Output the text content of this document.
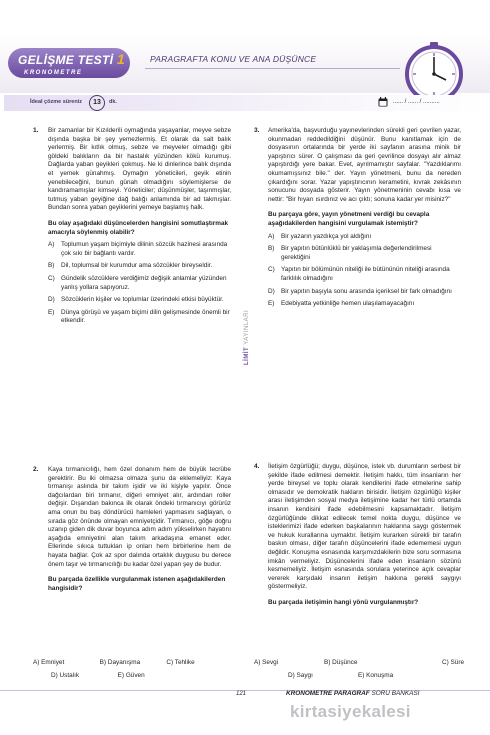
GELİŞME TESTİ 1
KRONOMETRE
PARAGRAFTA KONU VE ANA DÜŞÜNCE
İdeal çözme süreniz	13	dk.	...... / ...... / ..........
1. Bir zamanlar bir Kızılderili oymağında yaşayanlar, meyve sebze dışında başka bir şey yemezlermiş. Et olarak da salt balık yerlermiş. Bir kıtlık olmuş, sebze ve meyveler olmadığı gibi göldeki balıkların da bir hastalık yüzünden kökü kurumuş. Dağlarda yaban geyikleri çokmuş. Ne ki dinlerince balık dışında et yemek günahmış. Oymağın yöneticileri, geyik etinin yenebileceğini, bunun günah olmadığını söylemişlerse de kandıramamışlar kimseyi. Yöneticiler; düşünmüşler, taşınmışlar, tutmuş yaban geyiğine dağ balığı anlamında bir ad takmışlar. Bundan sonra yaban geyiklerini yemeye başlamış halk.

Bu olay aşağıdaki düşüncelerden hangisini somutlaştırmak amacıyla söylenmiş olabilir?

A)	Toplumun yaşam biçimiyle dilinin sözcük hazinesi arasında çok sıkı bir bağlantı vardır.
B)	Dil, toplumsal bir kurumdur ama sözcükler bireyseldir.
C) Gündelik sözcüklere verdiğimiz değişik anlamlar yüzünden yanlış yollara sapıyoruz.
D) Sözcüklerin kişiler ve toplumlar üzerindeki etkisi büyüktür.
E)	Dünya görüşü ve yaşam biçimi dilin gelişmesinde önemli bir etkendir.
2. Kaya tırmanıcılığı, hem özel donanım hem de büyük tecrübe gerektirir. Bu iki olmazsa olmaza şunu da eklemeliyiz: Kaya tırmanışı aslında bir takım işidir ve iki kişiyle yapılır. Önce dağcılardan biri tırmanır, diğeri emniyet alır, ardından roller değişir. Dışarıdan bakınca ilk olarak öndeki tırmanıcıyı görürüz ama onun bu baş döndürücü hamleleri yapmasını sağlayan, o sırada göz önünde olmayan emniyetçidir. Tırmanıcı, göğe doğru uzanıp giden dik duvar boyunca adım adım yükselirken hayatını aşağıda emniyetini alan takım arkadaşına emanet eder. Ellerinde sıkıca tuttukları ip onları hem birbirlerine hem de hayata bağlar. Çok az spor dalında ortaklık duygusu bu derece önem taşır ve tırmanıcılığı bu kadar özel yapan şey de budur.

Bu parçada özellikle vurgulanmak istenen aşağıdakilerden hangisidir?

A) Emniyet	B) Dayanışma	C) Tehlike
D) Ustalık	E) Güven
LİMİT YAYINLARI
3. Amerika'da, başvurduğu yayınevlerinden sürekli geri çevrilen yazar, okunmadan reddedildiğini düşünür. Bunu kanıtlamak için de dosyasının ortalarında bir yerde iki sayfanın arasına minik bir yapıştırıcı sürer. O çalışması da geri çevrilince dosyayı alır almaz yapıştırdığı yere bakar. Evet, ayrılmamıştır sayfalar. "Yazdıklarımı okumamışsınız bile." der. Yayın yönetmeni, bunu da nereden çıkardığını sorar. Yazar yapıştırıcının kerametini, kıvrak zekâsının sonucunu dosyada gösterir. Yayın yönetmeninin cevabı kısa ve nettir: "Bir hıyarı ısırdınız ve acı çıktı; sonuna kadar yer misiniz?"

Bu parçaya göre, yayın yönetmeni verdiği bu cevapla aşağıdakilerden hangisini vurgulamak istemiştir?

A)	Bir yazarın yazdıkça yol aldığını
B)	Bir yapıtın bütünlüklü bir yaklaşımla değerlendirilmesi gerektiğini
C) Yapıtın bir bölümünün niteliği ile bütününün niteliği arasında farklılık olmadığını
D) Bir yapıtın başıyla sonu arasında içeriksel bir fark olmadığını
E)	Edebiyatta yetkinliğe hemen ulaşılamayacağını
4. İletişim özgürlüğü; duygu, düşünce, istek vb. durumların serbest bir şekilde ifade edilmesi demektir. İletişim hakkı, tüm insanların her yerde bireysel ve toplu olarak kendilerini ifade etmelerine sahip olmasıdır ve demokratik hakların birisidir. İletişim özgürlüğü kişiler arası iletişimden sosyal medya iletişimine kadar her türlü ortamda insanın kendisini ifade edebilmesini kapsamaktadır. İletişim özgürlüğünde dikkat edilecek temel nokta duygu, düşünce ve isteklerimizi ifade ederken başkalarının haklarına saygı göstermek ve hukuk kurallarına uymaktır. İletişim kurarken sürekli bir tarafın baskın olması, diğer tarafın düşüncelerini ifade edememesi uygun değildir. Konuşma esnasında karşımızdakilerin bize soru sormasına imkân vermeliyiz. Düşüncelerini ifade eden insanların sözünü kesmemeliyiz. İletişim esnasında sorulara yeterince açık cevaplar vererek karşıdaki insanın iletişim hakkına gerekli saygıyı göstermeliyiz.

Bu parçada iletişimin hangi yönü vurgulanmıştır?

A) Sevgi	B) Düşünce	C) Süre
D) Saygı	E) Konuşma
121	KRONOMETRE PARAGRAF SORU BANKASI
kirtasiyekalesi
